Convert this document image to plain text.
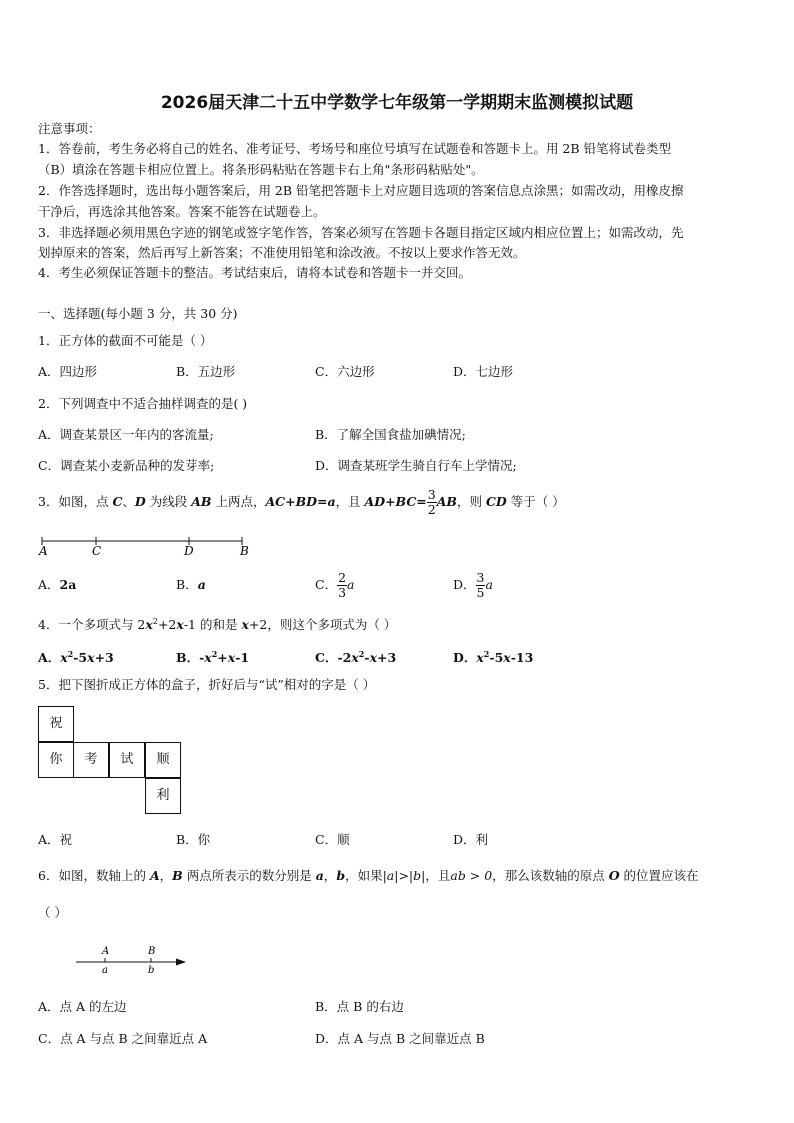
2026届天津二十五中学数学七年级第一学期期末监测模拟试题
注意事项：
1．答卷前，考生务必将自己的姓名、准考证号、考场号和座位号填写在试题卷和答题卡上。用 2B 铅笔将试卷类型
（B）填涂在答题卡相应位置上。将条形码粘贴在答题卡右上角"条形码粘贴处"。
2．作答选择题时，选出每小题答案后，用 2B 铅笔把答题卡上对应题目选项的答案信息点涂黑；如需改动，用橡皮擦
干净后，再选涂其他答案。答案不能答在试题卷上。
3．非选择题必须用黑色字迹的钢笔或签字笔作答，答案必须写在答题卡各题目指定区域内相应位置上；如需改动，先
划掉原来的答案，然后再写上新答案；不准使用铅笔和涂改液。不按以上要求作答无效。
4．考生必须保证答题卡的整洁。考试结束后，请将本试卷和答题卡一并交回。
一、选择题(每小题 3 分，共 30 分)
1．正方体的截面不可能是（ ）
A．四边形	B．五边形	C．六边形	D．七边形
2．下列调查中不适合抽样调查的是( )
A．调查某景区一年内的客流量;	B．了解全国食盐加碘情况;
C．调查某小麦新品种的发芽率;	D．调查某班学生骑自行车上学情况;
3．如图，点 C、D 为线段 AB 上两点，AC+BD=a，且 $AD+BC= \frac{3}{2}$ AB，则 CD 等于（ ）
A	C	D	B
A．2a	B．a	C． $\frac{2}{3}$ a	D． $\frac{3}{5}$ a
4．一个多项式与 $2x^2+2x-1$ 的和是 x+2，则这个多项式为（ ）
A．$x^2-5x+3$	B．$-x^2+x-1$	C．$-2x^2-x+3$	D．$x^2-5x-13$
5．把下图折成正方体的盒子，折好后与“试”相对的字是（ ）
祝
你	考	试	顺
利
A．祝	B．你	C．顺	D．利
6．如图，数轴上的 A，B 两点所表示的数分别是 a，b，如果|a|>|b|，且ab > 0，那么该数轴的原点 O 的位置应该在
（ ）
A	B
a	b
A．点 A 的左边	B．点 B 的右边
C．点 A 与点 B 之间靠近点 A	D．点 A 与点 B 之间靠近点 B
